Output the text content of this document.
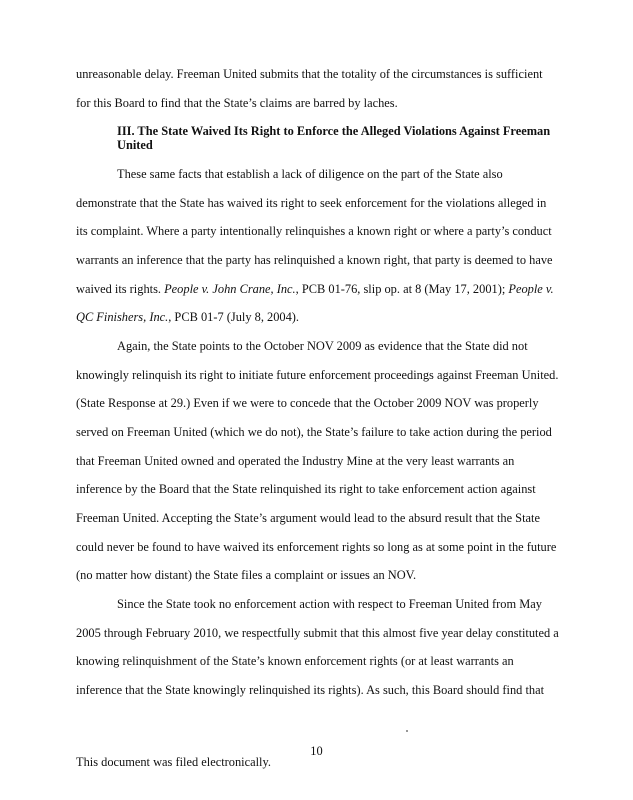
unreasonable delay. Freeman United submits that the totality of the circumstances is sufficient
for this Board to find that the State’s claims are barred by laches.
III. The State Waived Its Right to Enforce the Alleged Violations Against Freeman
United
These same facts that establish a lack of diligence on the part of the State also
demonstrate that the State has waived its right to seek enforcement for the violations alleged in
its complaint. Where a party intentionally relinquishes a known right or where a party’s conduct
warrants an inference that the party has relinquished a known right, that party is deemed to have
waived its rights. People v. John Crane, Inc., PCB 01-76, slip op. at 8 (May 17, 2001); People v.
QC Finishers, Inc., PCB 01-7 (July 8, 2004).
Again, the State points to the October NOV 2009 as evidence that the State did not
knowingly relinquish its right to initiate future enforcement proceedings against Freeman United.
(State Response at 29.) Even if we were to concede that the October 2009 NOV was properly
served on Freeman United (which we do not), the State’s failure to take action during the period
that Freeman United owned and operated the Industry Mine at the very least warrants an
inference by the Board that the State relinquished its right to take enforcement action against
Freeman United. Accepting the State’s argument would lead to the absurd result that the State
could never be found to have waived its enforcement rights so long as at some point in the future
(no matter how distant) the State files a complaint or issues an NOV.
Since the State took no enforcement action with respect to Freeman United from May
2005 through February 2010, we respectfully submit that this almost five year delay constituted a
knowing relinquishment of the State’s known enforcement rights (or at least warrants an
inference that the State knowingly relinquished its rights). As such, this Board should find that
10
This document was filed electronically.
